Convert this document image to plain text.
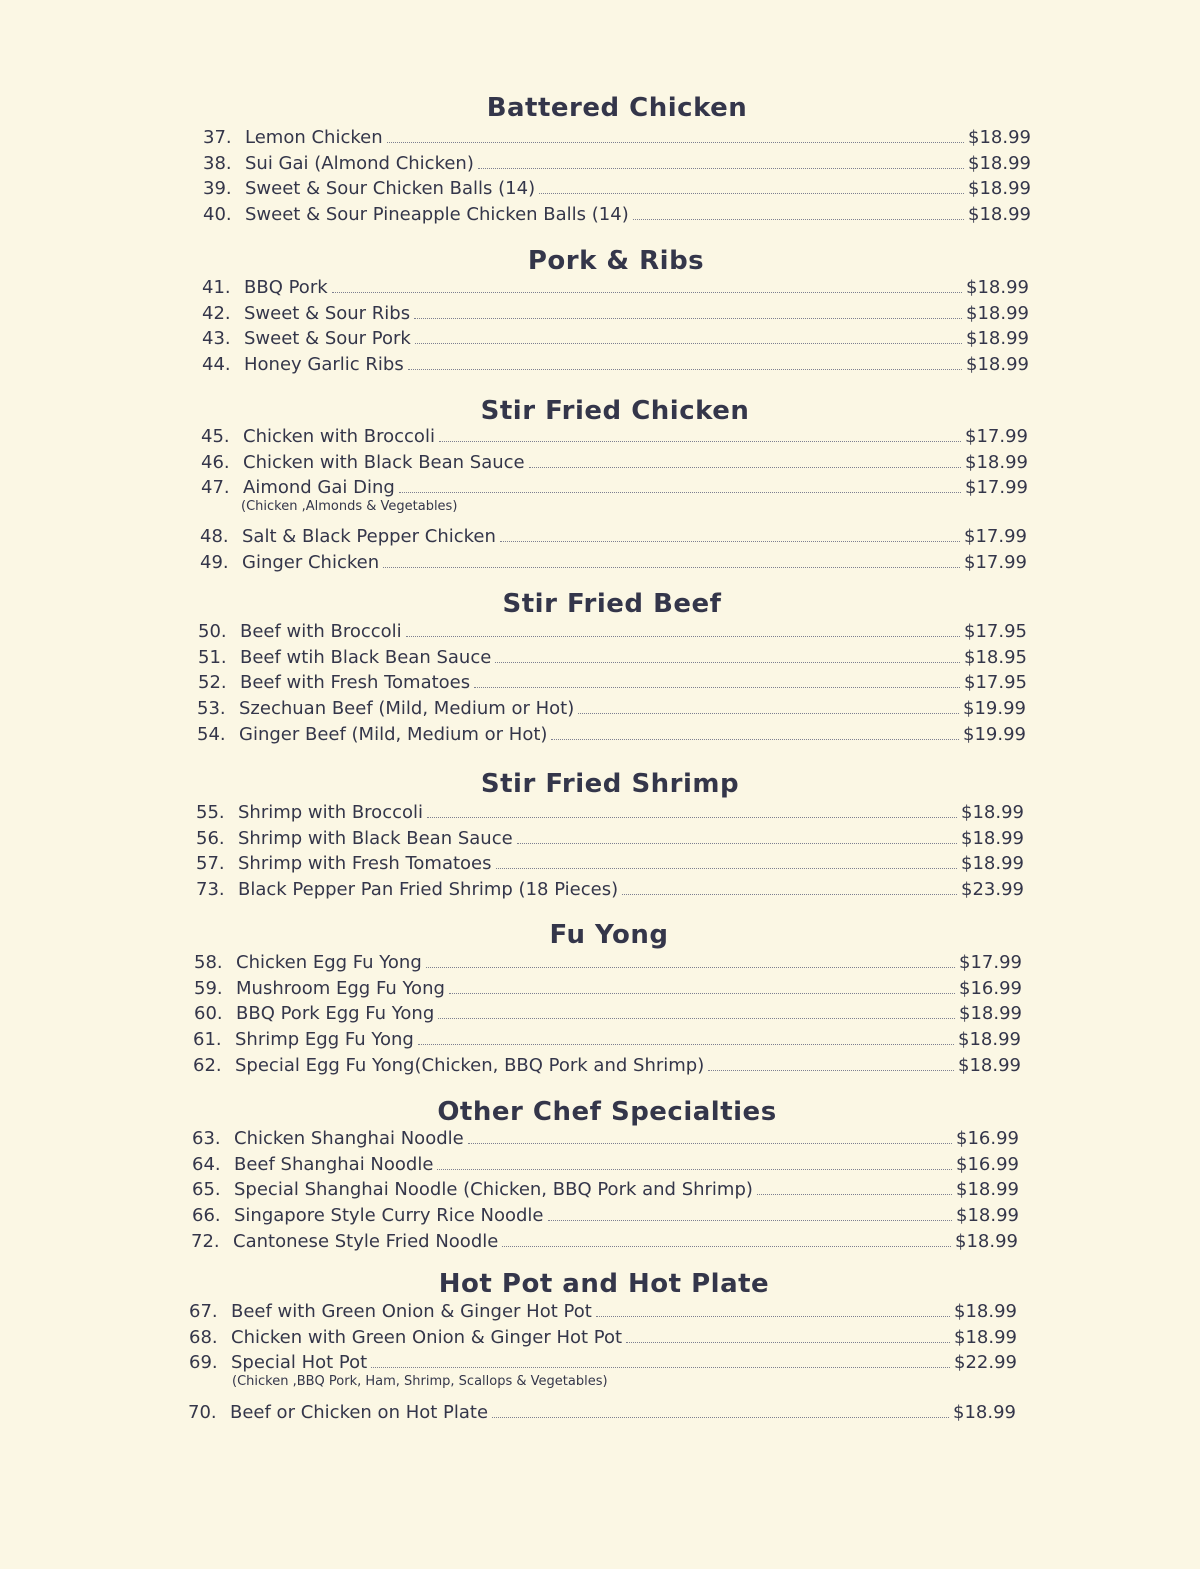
Battered Chicken
37. Lemon Chicken	$18.99
38. Sui Gai (Almond Chicken)	$18.99
39. Sweet & Sour Chicken Balls (14)	$18.99
40. Sweet & Sour Pineapple Chicken Balls (14)	$18.99
Pork & Ribs
41. BBQ Pork	$18.99
42. Sweet & Sour Ribs	$18.99
43. Sweet & Sour Pork	$18.99
44. Honey Garlic Ribs	$18.99
Stir Fried Chicken
45. Chicken with Broccoli	$17.99
46. Chicken with Black Bean Sauce	$18.99
47. Aimond Gai Ding	$17.99
(Chicken ,Almonds & Vegetables)
48. Salt & Black Pepper Chicken	$17.99
49. Ginger Chicken	$17.99
Stir Fried Beef
50. Beef with Broccoli	$17.95
51. Beef wtih Black Bean Sauce	$18.95
52. Beef with Fresh Tomatoes	$17.95
53. Szechuan Beef (Mild, Medium or Hot)	$19.99
54. Ginger Beef (Mild, Medium or Hot)	$19.99
Stir Fried Shrimp
55. Shrimp with Broccoli	$18.99
56. Shrimp with Black Bean Sauce	$18.99
57. Shrimp with Fresh Tomatoes	$18.99
73. Black Pepper Pan Fried Shrimp (18 Pieces)	$23.99
Fu Yong
58. Chicken Egg Fu Yong	$17.99
59. Mushroom Egg Fu Yong	$16.99
60. BBQ Pork Egg Fu Yong	$18.99
61. Shrimp Egg Fu Yong	$18.99
62. Special Egg Fu Yong(Chicken, BBQ Pork and Shrimp)	$18.99
Other Chef Specialties
63. Chicken Shanghai Noodle	$16.99
64. Beef Shanghai Noodle	$16.99
65. Special Shanghai Noodle (Chicken, BBQ Pork and Shrimp)	$18.99
66. Singapore Style Curry Rice Noodle	$18.99
72. Cantonese Style Fried Noodle	$18.99
Hot Pot and Hot Plate
67. Beef with Green Onion & Ginger Hot Pot	$18.99
68. Chicken with Green Onion & Ginger Hot Pot	$18.99
69. Special Hot Pot	$22.99
(Chicken ,BBQ Pork, Ham, Shrimp, Scallops & Vegetables)
70. Beef or Chicken on Hot Plate	$18.99
